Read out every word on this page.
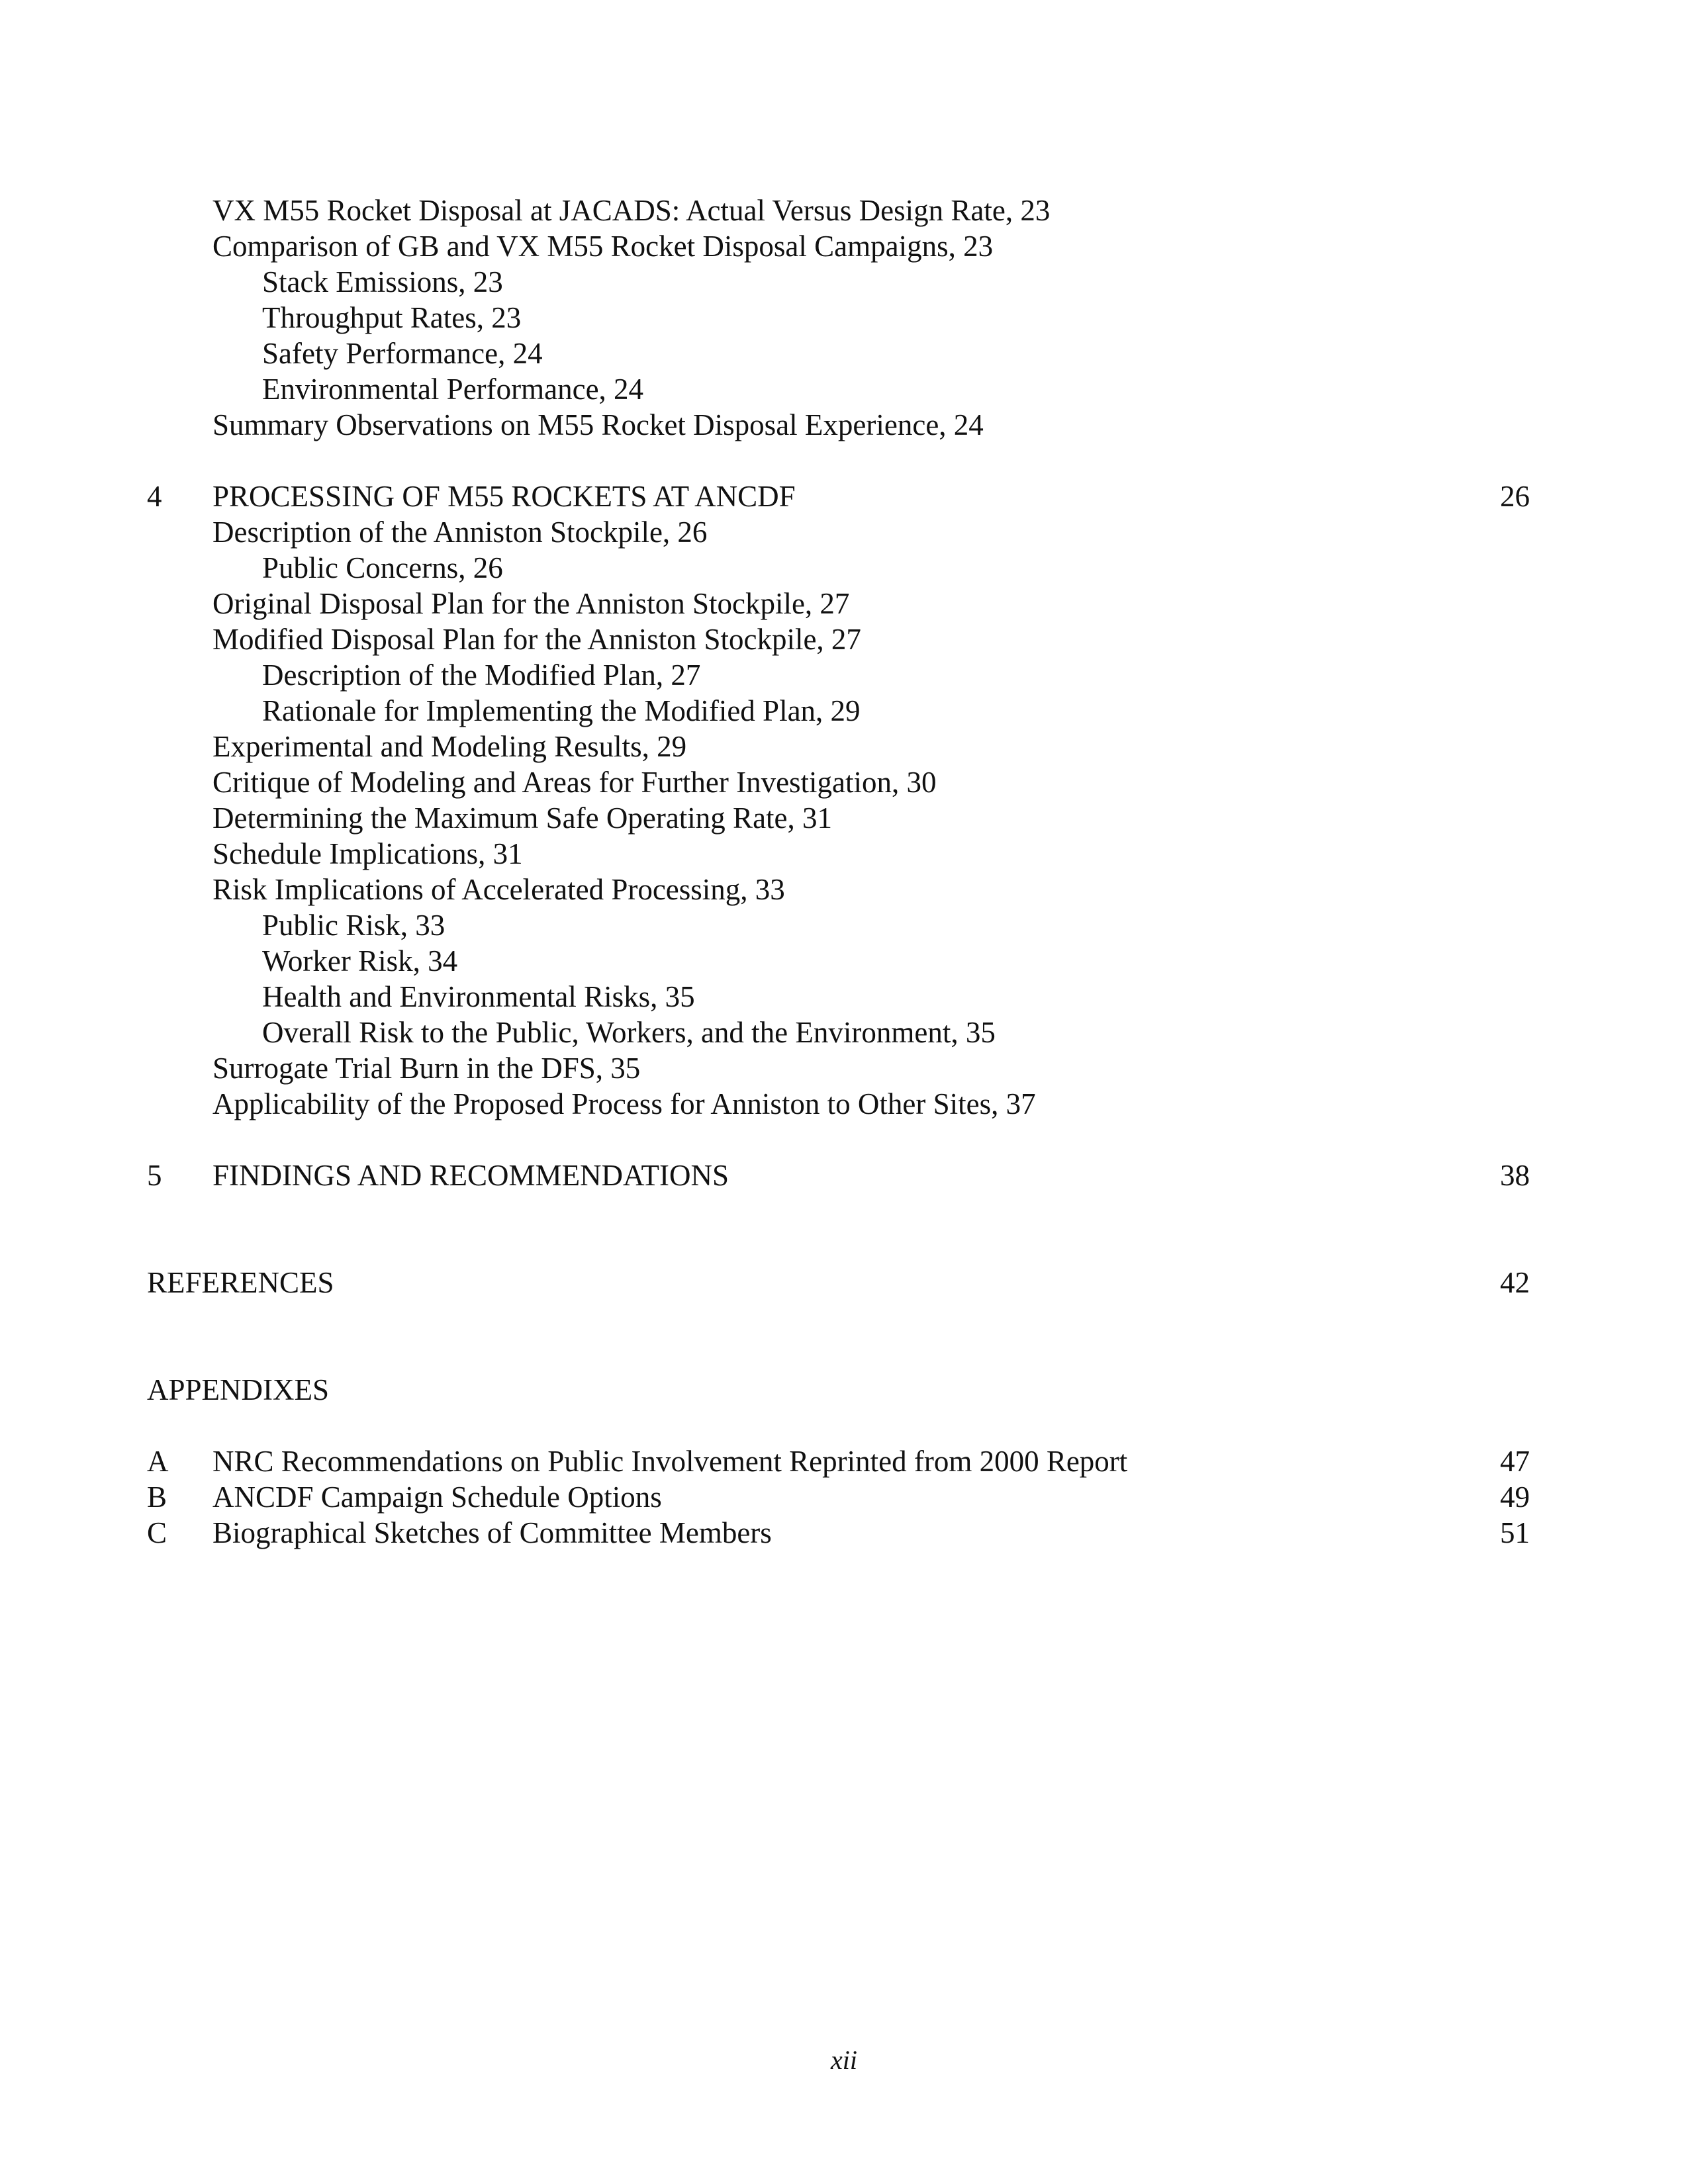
VX M55 Rocket Disposal at JACADS: Actual Versus Design Rate, 23
Comparison of GB and VX M55 Rocket Disposal Campaigns, 23
Stack Emissions, 23
Throughput Rates, 23
Safety Performance, 24
Environmental Performance, 24
Summary Observations on M55 Rocket Disposal Experience, 24
4 PROCESSING OF M55 ROCKETS AT ANCDF	26
Description of the Anniston Stockpile, 26
Public Concerns, 26
Original Disposal Plan for the Anniston Stockpile, 27
Modified Disposal Plan for the Anniston Stockpile, 27
Description of the Modified Plan, 27
Rationale for Implementing the Modified Plan, 29
Experimental and Modeling Results, 29
Critique of Modeling and Areas for Further Investigation, 30
Determining the Maximum Safe Operating Rate, 31
Schedule Implications, 31
Risk Implications of Accelerated Processing, 33
Public Risk, 33
Worker Risk, 34
Health and Environmental Risks, 35
Overall Risk to the Public, Workers, and the Environment, 35
Surrogate Trial Burn in the DFS, 35
Applicability of the Proposed Process for Anniston to Other Sites, 37
5 FINDINGS AND RECOMMENDATIONS	38
REFERENCES	42
APPENDIXES
A NRC Recommendations on Public Involvement Reprinted from 2000 Report	47
B ANCDF Campaign Schedule Options	49
C Biographical Sketches of Committee Members	51
xii
